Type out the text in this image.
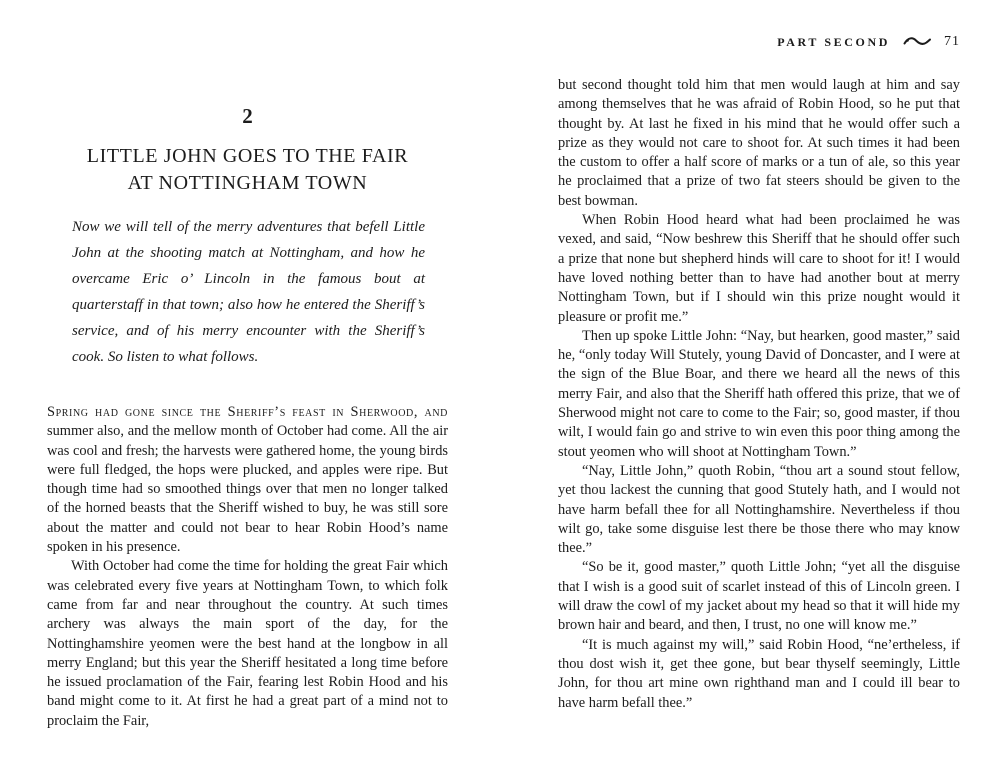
PART SECOND	71
2
LITTLE JOHN GOES TO THE FAIR
AT NOTTINGHAM TOWN

Now we will tell of the merry adventures that befell Little John at the shooting match at Nottingham, and how he overcame Eric o’ Lincoln in the famous bout at quarterstaff in that town; also how he entered the Sheriff’s service, and of his merry encounter with the Sheriff’s cook. So listen to what follows.

Spring had gone since the Sheriff’s feast in Sherwood, and summer also, and the mellow month of October had come. All the air was cool and fresh; the harvests were gathered home, the young birds were full fledged, the hops were plucked, and apples were ripe. But though time had so smoothed things over that men no longer talked of the horned beasts that the Sheriff wished to buy, he was still sore about the matter and could not bear to hear Robin Hood’s name spoken in his presence.

With October had come the time for holding the great Fair which was celebrated every five years at Nottingham Town, to which folk came from far and near throughout the country. At such times archery was always the main sport of the day, for the Nottinghamshire yeomen were the best hand at the longbow in all merry England; but this year the Sheriff hesitated a long time before he issued proclamation of the Fair, fearing lest Robin Hood and his band might come to it. At first he had a great part of a mind not to proclaim the Fair,

but second thought told him that men would laugh at him and say among themselves that he was afraid of Robin Hood, so he put that thought by. At last he fixed in his mind that he would offer such a prize as they would not care to shoot for. At such times it had been the custom to offer a half score of marks or a tun of ale, so this year he proclaimed that a prize of two fat steers should be given to the best bowman.

When Robin Hood heard what had been proclaimed he was vexed, and said, “Now beshrew this Sheriff that he should offer such a prize that none but shepherd hinds will care to shoot for it! I would have loved nothing better than to have had another bout at merry Nottingham Town, but if I should win this prize nought would it pleasure or profit me.”

Then up spoke Little John: “Nay, but hearken, good master,” said he, “only today Will Stutely, young David of Doncaster, and I were at the sign of the Blue Boar, and there we heard all the news of this merry Fair, and also that the Sheriff hath offered this prize, that we of Sherwood might not care to come to the Fair; so, good master, if thou wilt, I would fain go and strive to win even this poor thing among the stout yeomen who will shoot at Nottingham Town.”

“Nay, Little John,” quoth Robin, “thou art a sound stout fellow, yet thou lackest the cunning that good Stutely hath, and I would not have harm befall thee for all Nottinghamshire. Nevertheless if thou wilt go, take some disguise lest there be those there who may know thee.”

“So be it, good master,” quoth Little John; “yet all the disguise that I wish is a good suit of scarlet instead of this of Lincoln green. I will draw the cowl of my jacket about my head so that it will hide my brown hair and beard, and then, I trust, no one will know me.”

“It is much against my will,” said Robin Hood, “ne’ertheless, if thou dost wish it, get thee gone, but bear thyself seemingly, Little John, for thou art mine own righthand man and I could ill bear to have harm befall thee.”
